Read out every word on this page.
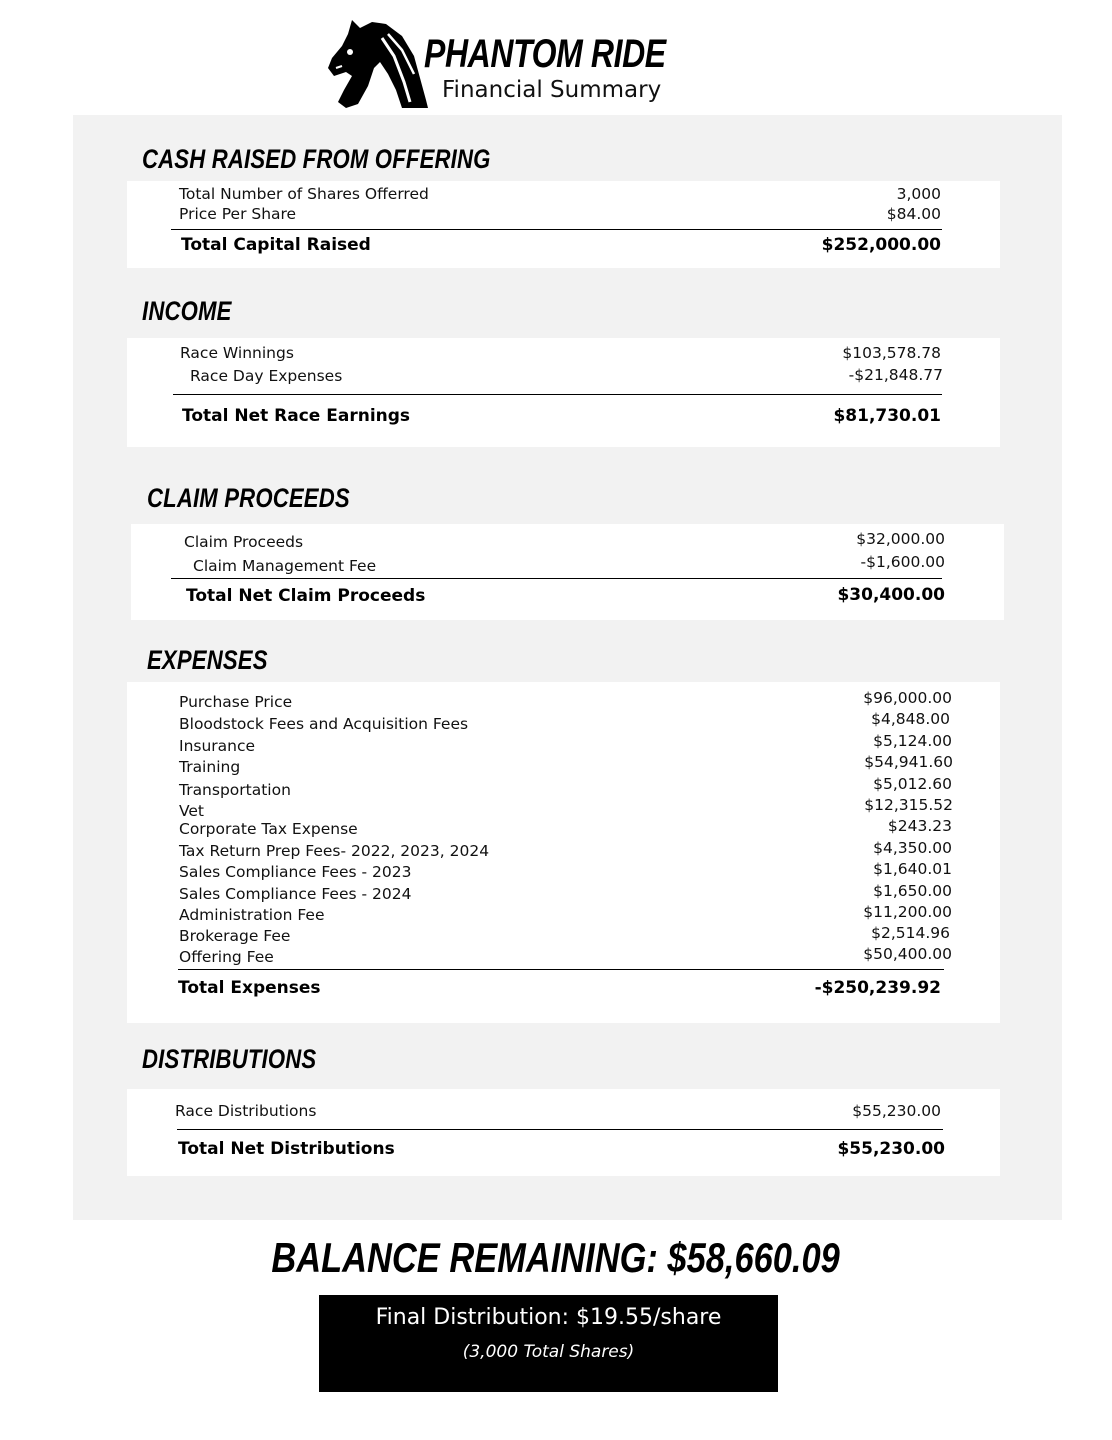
PHANTOM RIDE
Financial Summary
CASH RAISED FROM OFFERING
Total Number of Shares Offerred	3,000
Price Per Share	$84.00
Total Capital Raised	$252,000.00
INCOME
Race Winnings	$103,578.78
Race Day Expenses	-$21,848.77
Total Net Race Earnings	$81,730.01
CLAIM PROCEEDS
Claim Proceeds	$32,000.00
Claim Management Fee	-$1,600.00
Total Net Claim Proceeds	$30,400.00
EXPENSES
Purchase Price	$96,000.00
Bloodstock Fees and Acquisition Fees	$4,848.00
Insurance	$5,124.00
Training	$54,941.60
Transportation	$5,012.60
Vet	$12,315.52
Corporate Tax Expense	$243.23
Tax Return Prep Fees- 2022, 2023, 2024	$4,350.00
Sales Compliance Fees - 2023	$1,640.01
Sales Compliance Fees - 2024	$1,650.00
Administration Fee	$11,200.00
Brokerage Fee	$2,514.96
Offering Fee	$50,400.00
Total Expenses	-$250,239.92
DISTRIBUTIONS
Race Distributions	$55,230.00
Total Net Distributions	$55,230.00
BALANCE REMAINING: $58,660.09
Final Distribution: $19.55/share
(3,000 Total Shares)
